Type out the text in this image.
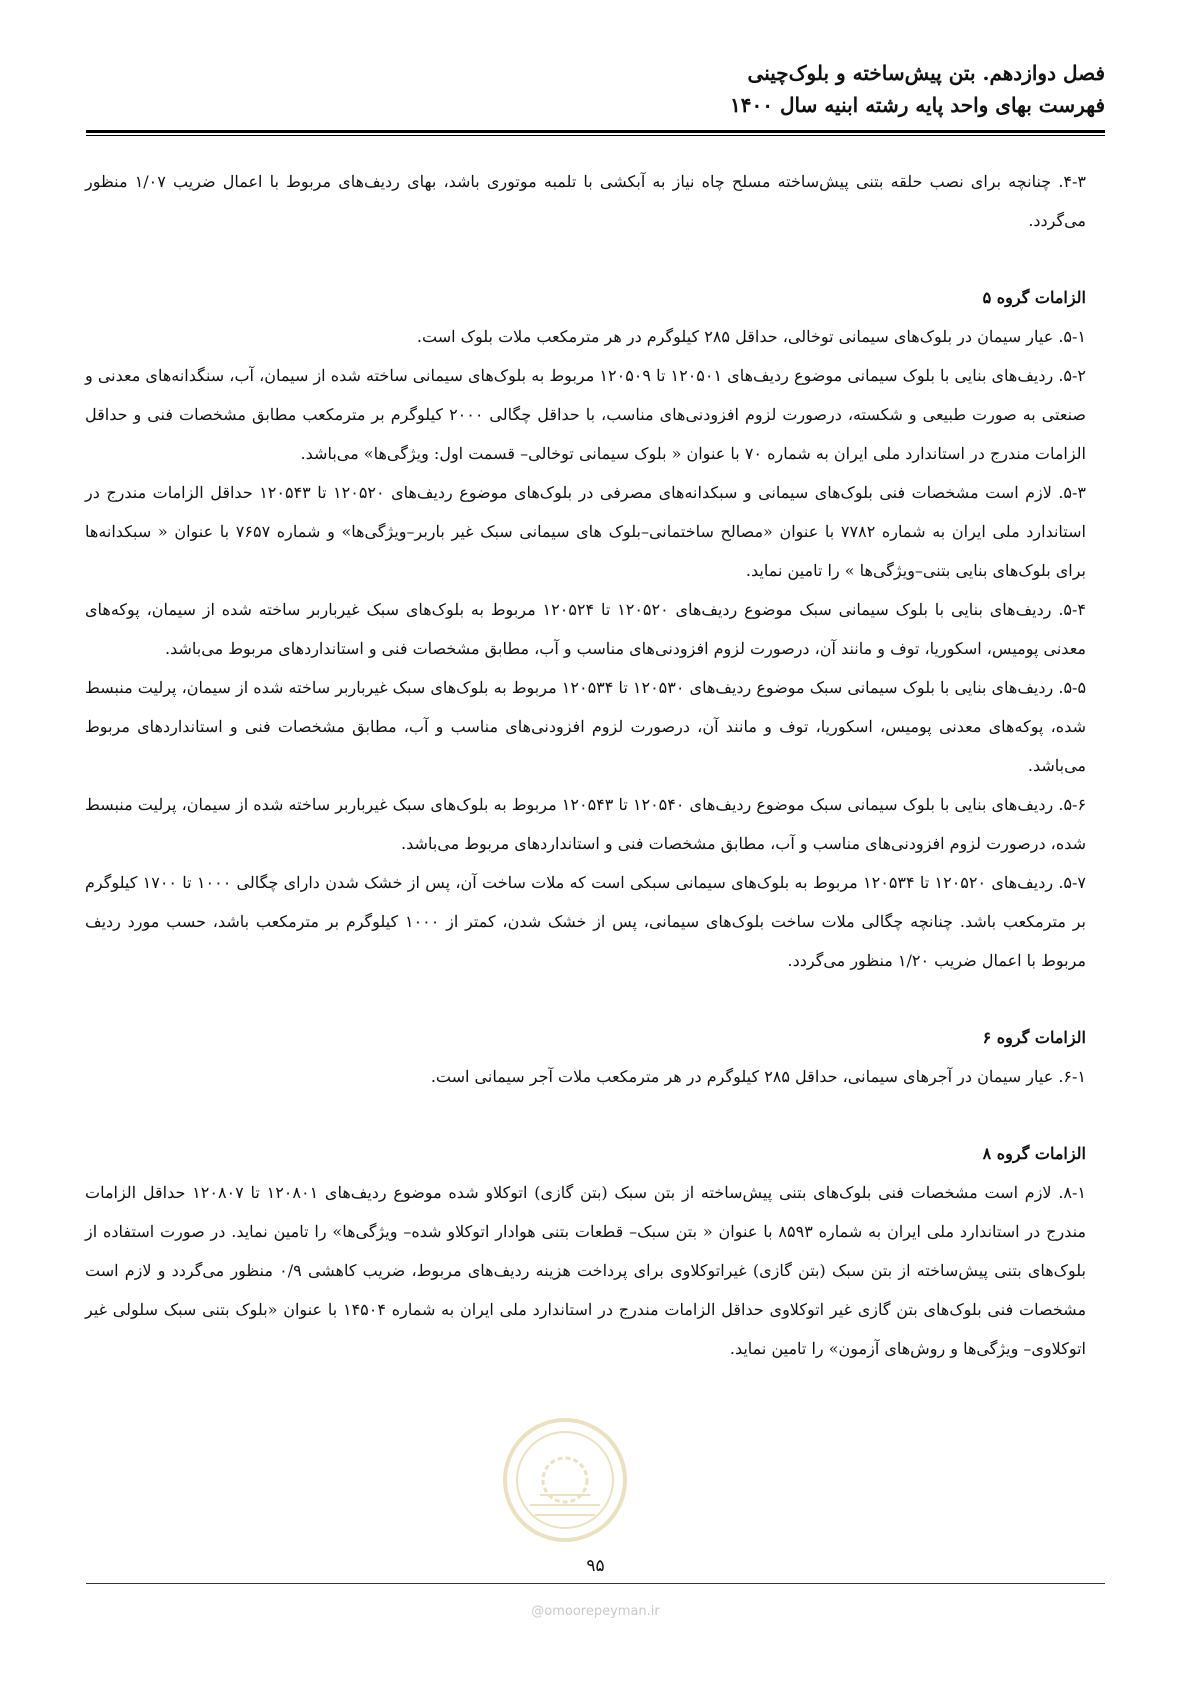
فصل دوازدهم. بتن پیش‌ساخته و بلوک‌چینی
فهرست بهای واحد پایه رشته ابنیه سال ۱۴۰۰

۴-۳. چنانچه برای نصب حلقه بتنی پیش‌ساخته مسلح چاه نیاز به آبکشی با تلمبه موتوری باشد، بهای ردیف‌های مربوط با اعمال ضریب ۱/۰۷ منظور می‌گردد.

الزامات گروه ۵

۵-۱. عیار سیمان در بلوک‌های سیمانی توخالی، حداقل ۲۸۵ کیلوگرم در هر مترمکعب ملات بلوک است.

۵-۲. ردیف‌های بنایی با بلوک سیمانی موضوع ردیف‌های ۱۲۰۵۰۱ تا ۱۲۰۵۰۹ مربوط به بلوک‌های سیمانی ساخته شده از سیمان، آب، سنگدانه‌های معدنی و صنعتی به صورت طبیعی و شکسته، درصورت لزوم افزودنی‌های مناسب، با حداقل چگالی ۲۰۰۰ کیلوگرم بر مترمکعب مطابق مشخصات فنی و حداقل الزامات مندرج در استاندارد ملی ایران به شماره ۷۰ با عنوان « بلوک سیمانی توخالی– قسمت اول: ویژگی‌ها» می‌باشد.

۵-۳. لازم است مشخصات فنی بلوک‌های سیمانی و سبکدانه‌های مصرفی در بلوک‌های موضوع ردیف‌های ۱۲۰۵۲۰ تا ۱۲۰۵۴۳ حداقل الزامات مندرج در استاندارد ملی ایران به شماره ۷۷۸۲ با عنوان «مصالح ساختمانی–بلوک های سیمانی سبک غیر باربر–ویژگی‌ها» و شماره ۷۶۵۷ با عنوان « سبکدانه‌ها برای بلوک‌های بنایی بتنی–ویژگی‌ها » را تامین نماید.

۵-۴. ردیف‌های بنایی با بلوک سیمانی سبک موضوع ردیف‌های ۱۲۰۵۲۰ تا ۱۲۰۵۲۴ مربوط به بلوک‌های سبک غیرباربر ساخته شده از سیمان، پوکه‌های معدنی پومیس، اسکوریا، توف و مانند آن، درصورت لزوم افزودنی‌های مناسب و آب، مطابق مشخصات فنی و استانداردهای مربوط می‌باشد.

۵-۵. ردیف‌های بنایی با بلوک سیمانی سبک موضوع ردیف‌های ۱۲۰۵۳۰ تا ۱۲۰۵۳۴ مربوط به بلوک‌های سبک غیرباربر ساخته شده از سیمان، پرلیت منبسط شده، پوکه‌های معدنی پومیس، اسکوریا، توف و مانند آن، درصورت لزوم افزودنی‌های مناسب و آب، مطابق مشخصات فنی و استانداردهای مربوط می‌باشد.

۵-۶. ردیف‌های بنایی با بلوک سیمانی سبک موضوع ردیف‌های ۱۲۰۵۴۰ تا ۱۲۰۵۴۳ مربوط به بلوک‌های سبک غیرباربر ساخته شده از سیمان، پرلیت منبسط شده، درصورت لزوم افزودنی‌های مناسب و آب، مطابق مشخصات فنی و استانداردهای مربوط می‌باشد.

۵-۷. ردیف‌های ۱۲۰۵۲۰ تا ۱۲۰۵۳۴ مربوط به بلوک‌های سیمانی سبکی است که ملات ساخت آن، پس از خشک شدن دارای چگالی ۱۰۰۰ تا ۱۷۰۰ کیلوگرم بر مترمکعب باشد. چنانچه چگالی ملات ساخت بلوک‌های سیمانی، پس از خشک شدن، کمتر از ۱۰۰۰ کیلوگرم بر مترمکعب باشد، حسب مورد ردیف مربوط با اعمال ضریب ۱/۲۰ منظور می‌گردد.

الزامات گروه ۶

۶-۱. عیار سیمان در آجرهای سیمانی، حداقل ۲۸۵ کیلوگرم در هر مترمکعب ملات آجر سیمانی است.

الزامات گروه ۸

۸-۱. لازم است مشخصات فنی بلوک‌های بتنی پیش‌ساخته از بتن سبک (بتن گازی) اتوکلاو شده موضوع ردیف‌های ۱۲۰۸۰۱ تا ۱۲۰۸۰۷ حداقل الزامات مندرج در استاندارد ملی ایران به شماره ۸۵۹۳ با عنوان « بتن سبک– قطعات بتنی هوادار اتوکلاو شده– ویژگی‌ها» را تامین نماید. در صورت استفاده از بلوک‌های بتنی پیش‌ساخته از بتن سبک (بتن گازی) غیراتوکلاوی برای پرداخت هزینه ردیف‌های مربوط، ضریب کاهشی ۰/۹ منظور می‌گردد و لازم است مشخصات فنی بلوک‌های بتن گازی غیر اتوکلاوی حداقل الزامات مندرج در استاندارد ملی ایران به شماره ۱۴۵۰۴ با عنوان «بلوک بتنی سبک سلولی غیر اتوکلاوی– ویژگی‌ها و روش‌های آزمون» را تامین نماید.

۹۵
@omoorepeyman.ir
